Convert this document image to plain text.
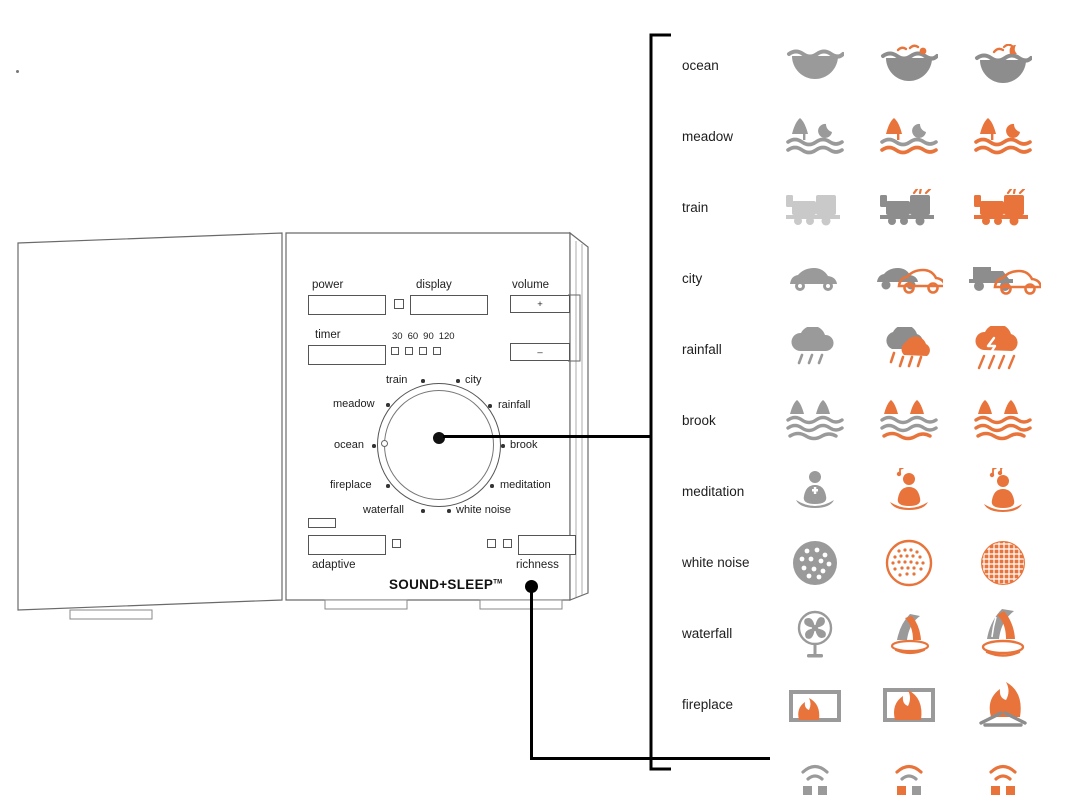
power	display	volume
+
–
timer	30 60 90 120
train	city
meadow	rainfall
ocean	brook
fireplace	meditation
waterfall	white noise
adaptive	richness
SOUND+SLEEP™
ocean
meadow
train
city
rainfall
brook
meditation
white noise
waterfall
fireplace
